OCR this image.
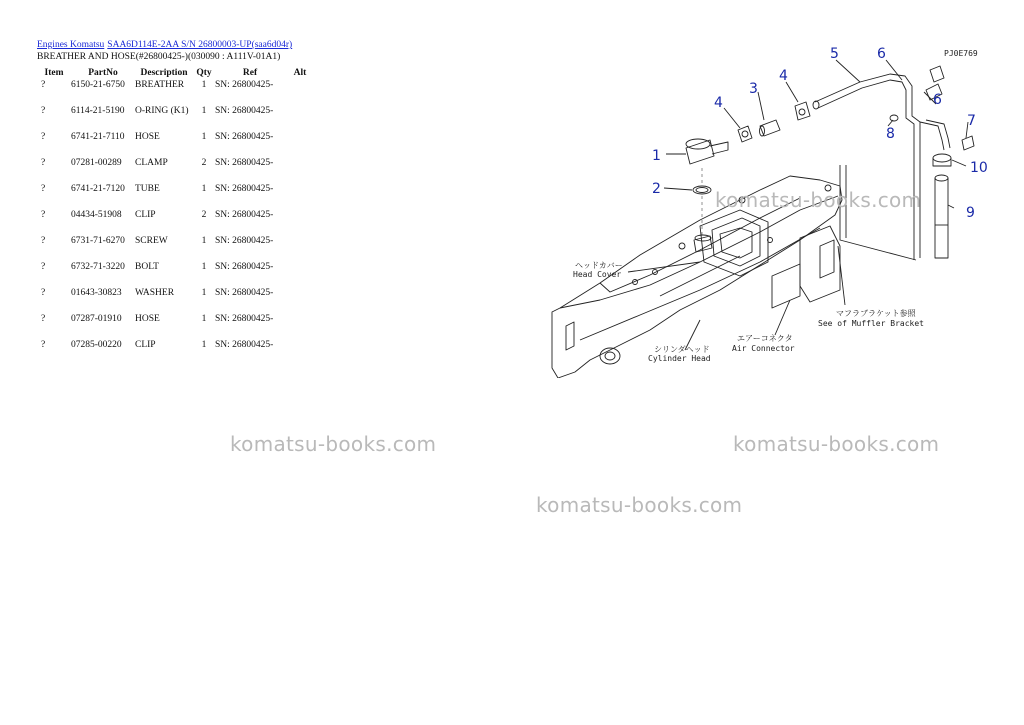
Engines Komatsu SAA6D114E-2AA S/N 26800003-UP(saa6d04r)
BREATHER AND HOSE(#26800425-)(030090 : A111V-01A1)
Item	PartNo	Description	Qty	Ref	Alt
?	6150-21-6750	BREATHER	1	SN: 26800425-	
?	6114-21-5190	O-RING (K1)	1	SN: 26800425-	
?	6741-21-7110	HOSE	1	SN: 26800425-	
?	07281-00289	CLAMP	2	SN: 26800425-	
?	6741-21-7120	TUBE	1	SN: 26800425-	
?	04434-51908	CLIP	2	SN: 26800425-	
?	6731-71-6270	SCREW	1	SN: 26800425-	
?	6732-71-3220	BOLT	1	SN: 26800425-	
?	01643-30823	WASHER	1	SN: 26800425-	
?	07287-01910	HOSE	1	SN: 26800425-	
?	07285-00220	CLIP	1	SN: 26800425-	
komatsu-books.com	komatsu-books.com
komatsu-books.com
PJ0E769
1
2
3
4
4
5	6
6
7
8
9
10
ヘッドカバー
Head Cover
マフラブラケット参照
See of Muffler Bracket
エアーコネクタ
Air Connector
シリンダヘッド
Cylinder Head
komatsu-books.com
